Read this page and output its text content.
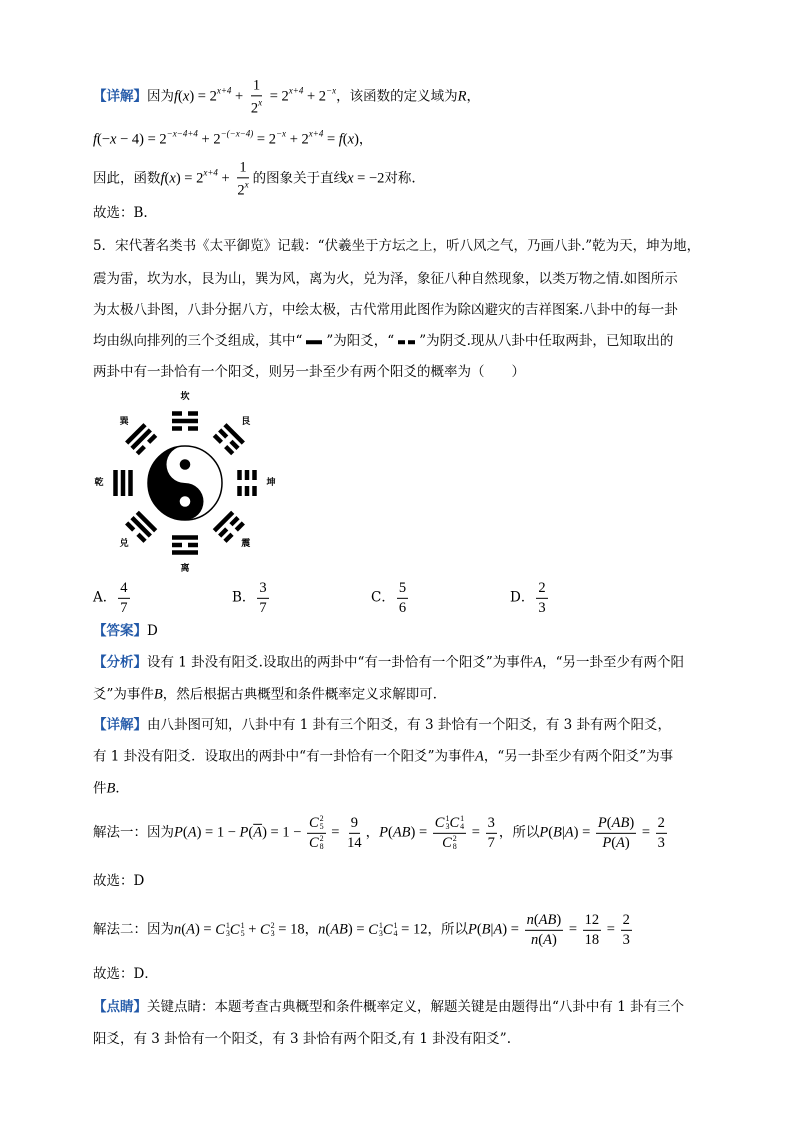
【详解】因为$f(x) = 2^{x+4} + \frac{1}{2^x} = 2^{x+4} + 2^{-x}$，该函数的定义域为R，
$f(-x - 4) = 2^{-x-4+4} + 2^{-(-x-4)} = 2^{-x} + 2^{x+4} = f(x)$，
因此，函数$f(x) = 2^{x+4} + \frac{1}{2^x}$ 的图象关于直线x = −2对称.
故选：B.
5．宋代著名类书《太平御览》记载：“伏羲坐于方坛之上，听八风之气，乃画八卦.”乾为天，坤为地，
震为雷，坎为水，艮为山，巽为风，离为火，兑为泽，象征八种自然现象，以类万物之情.如图所示
为太极八卦图，八卦分据八方，中绘太极，古代常用此图作为除凶避灾的吉祥图案.八卦中的每一卦
均由纵向排列的三个爻组成，其中“ ”为阳爻，“ ”为阴爻.现从八卦中任取两卦，已知取出的
两卦中有一卦恰有一个阳爻，则另一卦至少有两个阳爻的概率为（　　）
坎
艮
坤
震
离
兑
乾
巽
A． $\frac{4}{7}$	B． $\frac{3}{7}$	C． $\frac{5}{6}$	D． $\frac{2}{3}$
【答案】D
【分析】设有 1 卦没有阳爻.设取出的两卦中“有一卦恰有一个阳爻”为事件A，“另一卦至少有两个阳
爻”为事件B，然后根据古典概型和条件概率定义求解即可．
【详解】由八卦图可知，八卦中有 1 卦有三个阳爻，有 3 卦恰有一个阳爻，有 3 卦有两个阳爻，
有 1 卦没有阳爻．设取出的两卦中“有一卦恰有一个阳爻”为事件A，“另一卦至少有两个阳爻”为事
件B．
解法一：因为$P(A) = 1 - P(\overline{A}) = 1 - C$ 2
5
C 2
$8 = \frac{9}{14}$ ，P(AB) = C 1
3 C 1
4
C 2
$8 = \frac{3}{7}$ ，所以$P(B|A) = \frac{P(AB)}{P(A)} = \frac{2}{3}$
故选：D
解法二：因为n(A) = C 1
3 C 1
5 + C 2
3 = 18，n(AB) = C 1
3 C 1
4 = 12，所以$P(B|A) = \frac{n(AB)}{n(A)} = \frac{12}{18} = \frac{2}{3}$
故选：D．
【点睛】关键点睛：本题考查古典概型和条件概率定义，解题关键是由题得出“八卦中有 1 卦有三个
阳爻，有 3 卦恰有一个阳爻，有 3 卦恰有两个阳爻,有 1 卦没有阳爻”.
